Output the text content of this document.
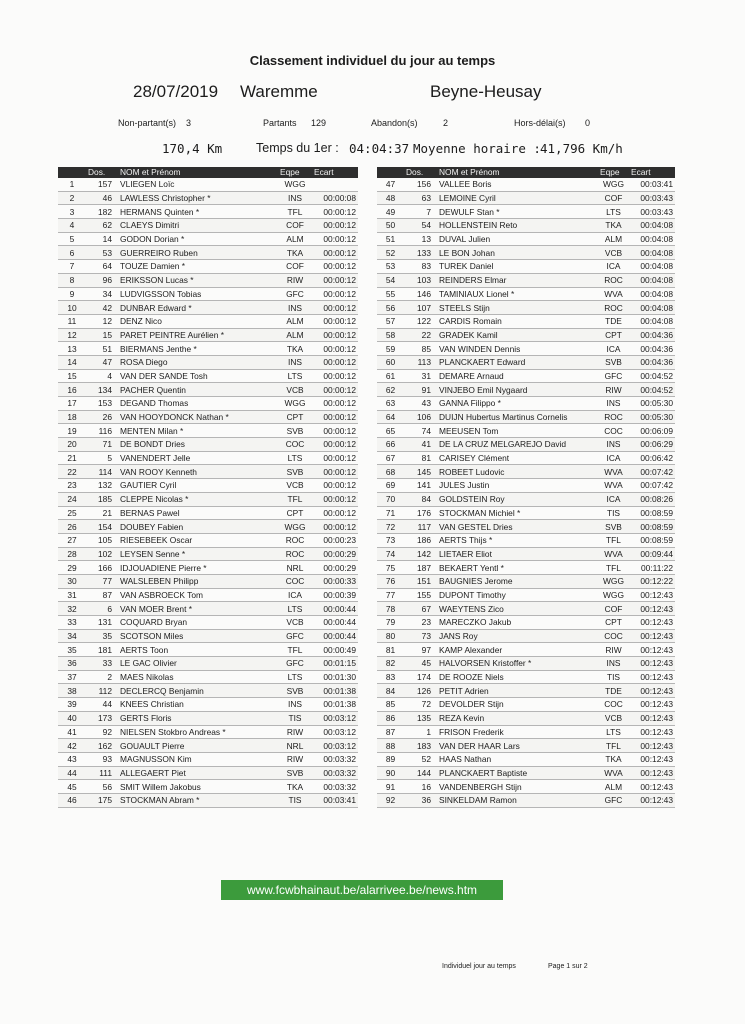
Classement individuel du jour au temps
28/07/2019 Waremme	Beyne-Heusay
Non-partant(s) 3	Partants 129	Abandon(s)	2	Hors-délai(s) 0
170,4 Km	Temps du 1er : 04:04:37 Moyenne horaire : 41,796 Km/h
	Dos.	NOM et Prénom	Eqpe	Ecart
1	157	VLIEGEN Loïc	WGG	
2	46	LAWLESS Christopher *	INS	00:00:08
3	182	HERMANS Quinten *	TFL	00:00:12
4	62	CLAEYS Dimitri	COF	00:00:12
5	14	GODON Dorian *	ALM	00:00:12
6	53	GUERREIRO Ruben	TKA	00:00:12
7	64	TOUZE Damien *	COF	00:00:12
8	96	ERIKSSON Lucas *	RIW	00:00:12
9	34	LUDVIGSSON Tobias	GFC	00:00:12
10	42	DUNBAR Edward *	INS	00:00:12
11	12	DENZ Nico	ALM	00:00:12
12	15	PARET PEINTRE Aurélien *	ALM	00:00:12
13	51	BIERMANS Jenthe *	TKA	00:00:12
14	47	ROSA Diego	INS	00:00:12
15	4	VAN DER SANDE Tosh	LTS	00:00:12
16	134	PACHER Quentin	VCB	00:00:12
17	153	DEGAND Thomas	WGG	00:00:12
18	26	VAN HOOYDONCK Nathan *	CPT	00:00:12
19	116	MENTEN Milan *	SVB	00:00:12
20	71	DE BONDT Dries	COC	00:00:12
21	5	VANENDERT Jelle	LTS	00:00:12
22	114	VAN ROOY Kenneth	SVB	00:00:12
23	132	GAUTIER Cyril	VCB	00:00:12
24	185	CLEPPE Nicolas *	TFL	00:00:12
25	21	BERNAS Pawel	CPT	00:00:12
26	154	DOUBEY Fabien	WGG	00:00:12
27	105	RIESEBEEK Oscar	ROC	00:00:23
28	102	LEYSEN Senne *	ROC	00:00:29
29	166	IDJOUADIENE Pierre *	NRL	00:00:29
30	77	WALSLEBEN Philipp	COC	00:00:33
31	87	VAN ASBROECK Tom	ICA	00:00:39
32	6	VAN MOER Brent *	LTS	00:00:44
33	131	COQUARD Bryan	VCB	00:00:44
34	35	SCOTSON Miles	GFC	00:00:44
35	181	AERTS Toon	TFL	00:00:49
36	33	LE GAC Olivier	GFC	00:01:15
37	2	MAES Nikolas	LTS	00:01:30
38	112	DECLERCQ Benjamin	SVB	00:01:38
39	44	KNEES Christian	INS	00:01:38
40	173	GERTS Floris	TIS	00:03:12
41	92	NIELSEN Stokbro Andreas *	RIW	00:03:12
42	162	GOUAULT Pierre	NRL	00:03:12
43	93	MAGNUSSON Kim	RIW	00:03:32
44	111	ALLEGAERT Piet	SVB	00:03:32
45	56	SMIT Willem Jakobus	TKA	00:03:32
46	175	STOCKMAN Abram *	TIS	00:03:41
	Dos.	NOM et Prénom	Eqpe	Ecart
47	156	VALLEE Boris	WGG	00:03:41
48	63	LEMOINE Cyril	COF	00:03:43
49	7	DEWULF Stan *	LTS	00:03:43
50	54	HOLLENSTEIN Reto	TKA	00:04:08
51	13	DUVAL Julien	ALM	00:04:08
52	133	LE BON Johan	VCB	00:04:08
53	83	TUREK Daniel	ICA	00:04:08
54	103	REINDERS Elmar	ROC	00:04:08
55	146	TAMINIAUX Lionel *	WVA	00:04:08
56	107	STEELS Stijn	ROC	00:04:08
57	122	CARDIS Romain	TDE	00:04:08
58	22	GRADEK Kamil	CPT	00:04:36
59	85	VAN WINDEN Dennis	ICA	00:04:36
60	113	PLANCKAERT Edward	SVB	00:04:36
61	31	DEMARE Arnaud	GFC	00:04:52
62	91	VINJEBO Emil Nygaard	RIW	00:04:52
63	43	GANNA Filippo *	INS	00:05:30
64	106	DUIJN Hubertus Martinus Cornelis	ROC	00:05:30
65	74	MEEUSEN Tom	COC	00:06:09
66	41	DE LA CRUZ MELGAREJO David	INS	00:06:29
67	81	CARISEY Clément	ICA	00:06:42
68	145	ROBEET Ludovic	WVA	00:07:42
69	141	JULES Justin	WVA	00:07:42
70	84	GOLDSTEIN Roy	ICA	00:08:26
71	176	STOCKMAN Michiel *	TIS	00:08:59
72	117	VAN GESTEL Dries	SVB	00:08:59
73	186	AERTS Thijs *	TFL	00:08:59
74	142	LIETAER Eliot	WVA	00:09:44
75	187	BEKAERT Yentl *	TFL	00:11:22
76	151	BAUGNIES Jerome	WGG	00:12:22
77	155	DUPONT Timothy	WGG	00:12:43
78	67	WAEYTENS Zico	COF	00:12:43
79	23	MARECZKO Jakub	CPT	00:12:43
80	73	JANS Roy	COC	00:12:43
81	97	KAMP Alexander	RIW	00:12:43
82	45	HALVORSEN Kristoffer *	INS	00:12:43
83	174	DE ROOZE Niels	TIS	00:12:43
84	126	PETIT Adrien	TDE	00:12:43
85	72	DEVOLDER Stijn	COC	00:12:43
86	135	REZA Kevin	VCB	00:12:43
87	1	FRISON Frederik	LTS	00:12:43
88	183	VAN DER HAAR Lars	TFL	00:12:43
89	52	HAAS Nathan	TKA	00:12:43
90	144	PLANCKAERT Baptiste	WVA	00:12:43
91	16	VANDENBERGH Stijn	ALM	00:12:43
92	36	SINKELDAM Ramon	GFC	00:12:43
www.fcwbhainaut.be/alarrivee.be/news.htm
Individuel jour au temps	Page 1 sur 2
